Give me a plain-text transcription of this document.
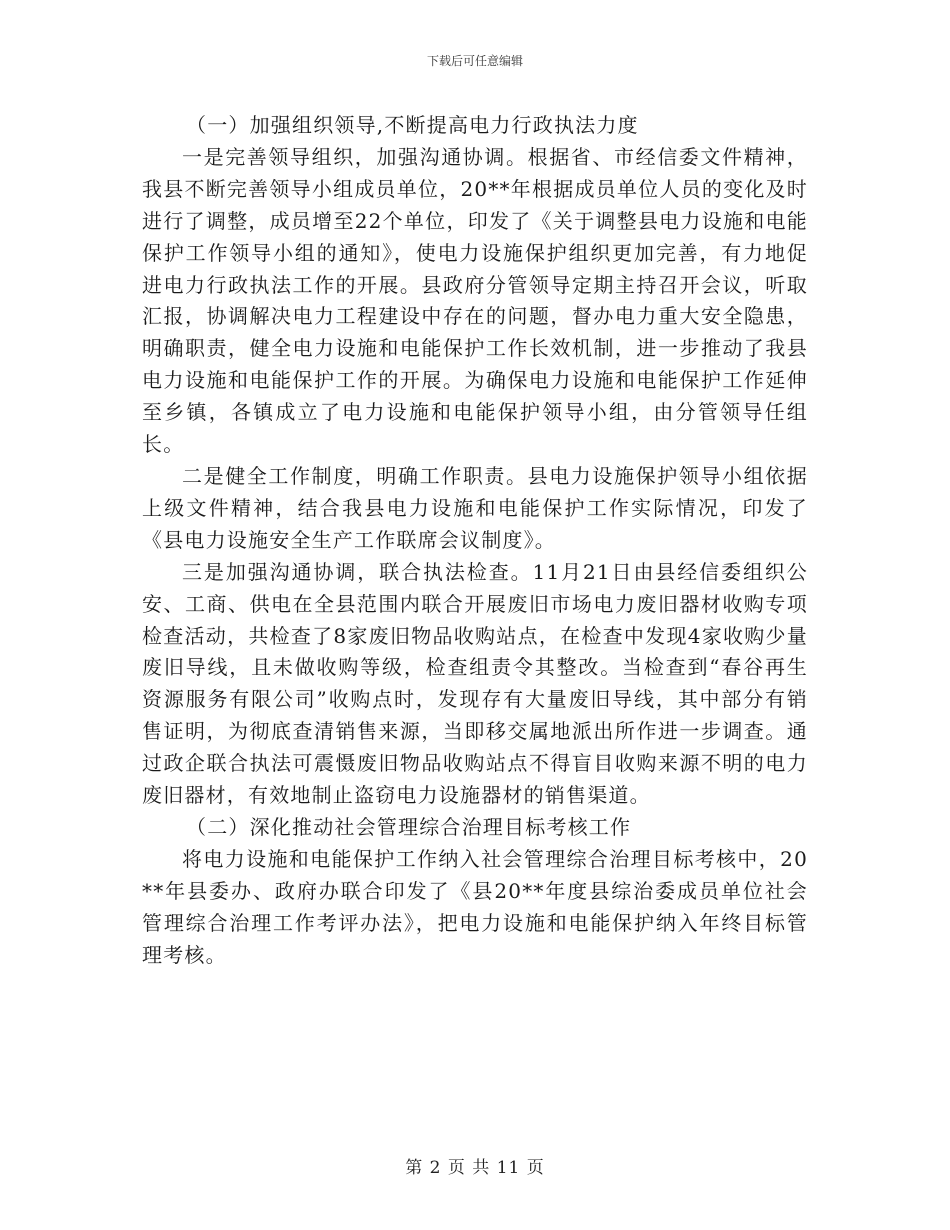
下载后可任意编辑

（一）加强组织领导,不断提高电力行政执法力度

一是完善领导组织，加强沟通协调。根据省、市经信委文件精神，我县不断完善领导小组成员单位，20**年根据成员单位人员的变化及时进行了调整，成员增至22个单位，印发了《关于调整县电力设施和电能保护工作领导小组的通知》，使电力设施保护组织更加完善，有力地促进电力行政执法工作的开展。县政府分管领导定期主持召开会议，听取汇报，协调解决电力工程建设中存在的问题，督办电力重大安全隐患，明确职责，健全电力设施和电能保护工作长效机制，进一步推动了我县电力设施和电能保护工作的开展。为确保电力设施和电能保护工作延伸至乡镇，各镇成立了电力设施和电能保护领导小组，由分管领导任组长。

二是健全工作制度，明确工作职责。县电力设施保护领导小组依据上级文件精神，结合我县电力设施和电能保护工作实际情况，印发了《县电力设施安全生产工作联席会议制度》。

三是加强沟通协调，联合执法检查。11月21日由县经信委组织公安、工商、供电在全县范围内联合开展废旧市场电力废旧器材收购专项检查活动，共检查了8家废旧物品收购站点，在检查中发现4家收购少量废旧导线，且未做收购等级，检查组责令其整改。当检查到“春谷再生资源服务有限公司”收购点时，发现存有大量废旧导线，其中部分有销售证明，为彻底查清销售来源，当即移交属地派出所作进一步调查。通过政企联合执法可震慑废旧物品收购站点不得盲目收购来源不明的电力废旧器材，有效地制止盗窃电力设施器材的销售渠道。

（二）深化推动社会管理综合治理目标考核工作

将电力设施和电能保护工作纳入社会管理综合治理目标考核中，20**年县委办、政府办联合印发了《县20**年度县综治委成员单位社会管理综合治理工作考评办法》，把电力设施和电能保护纳入年终目标管理考核。

第 2 页 共 11 页
